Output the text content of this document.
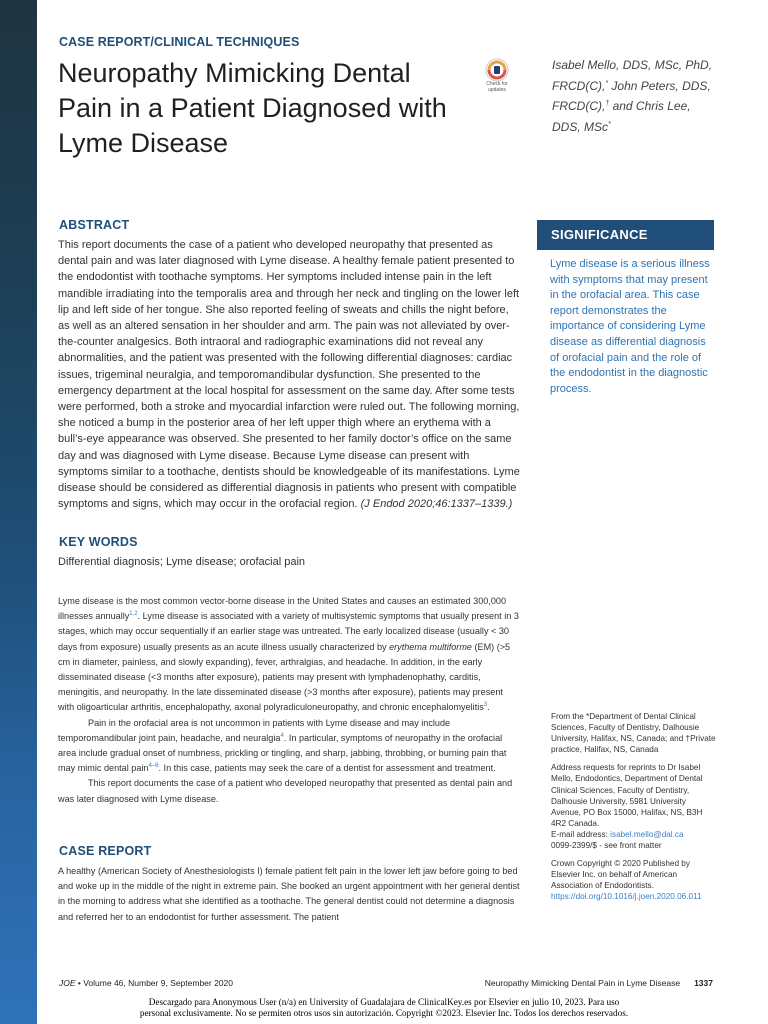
CASE REPORT/CLINICAL TECHNIQUES
Neuropathy Mimicking Dental Pain in a Patient Diagnosed with Lyme Disease
Check for updates
Isabel Mello, DDS, MSc, PhD, FRCD(C),* John Peters, DDS, FRCD(C),† and Chris Lee, DDS, MSc*
ABSTRACT
This report documents the case of a patient who developed neuropathy that presented as dental pain and was later diagnosed with Lyme disease. A healthy female patient presented to the endodontist with toothache symptoms. Her symptoms included intense pain in the left mandible irradiating into the temporalis area and through her neck and tingling on the lower left lip and left side of her tongue. She also reported feeling of sweats and chills the night before, as well as an altered sensation in her shoulder and arm. The pain was not alleviated by over-the-counter analgesics. Both intraoral and radiographic examinations did not reveal any abnormalities, and the patient was presented with the following differential diagnoses: cardiac issues, trigeminal neuralgia, and temporomandibular dysfunction. She presented to the emergency department at the local hospital for assessment on the same day. After some tests were performed, both a stroke and myocardial infarction were ruled out. The following morning, she noticed a bump in the posterior area of her left upper thigh where an erythema with a bull’s-eye appearance was observed. She presented to her family doctor’s office on the same day and was diagnosed with Lyme disease. Because Lyme disease can present with symptoms similar to a toothache, dentists should be knowledgeable of its manifestations. Lyme disease should be considered as differential diagnosis in patients who present with compatible symptoms and signs, which may occur in the orofacial region. (J Endod 2020;46:1337–1339.)
KEY WORDS
Differential diagnosis; Lyme disease; orofacial pain

Lyme disease is the most common vector-borne disease in the United States and causes an estimated 300,000 illnesses annually$^{1,2}$. Lyme disease is associated with a variety of multisystemic symptoms that usually present in 3 stages, which may occur sequentially if an earlier stage was untreated. The early localized disease (usually < 30 days from exposure) usually presents as an acute illness usually characterized by erythema multiforme (EM) (>5 cm in diameter, painless, and slowly expanding), fever, arthralgias, and headache. In addition, in the early disseminated disease (<3 months after exposure), patients may present with lymphadenophathy, carditis, meningitis, and neuropathy. In the late disseminated disease (>3 months after exposure), patients may present with oligoarticular arthritis, encephalopathy, axonal polyradiculoneuropathy, and chronic encephalomyelitis$^3$.

Pain in the orofacial area is not uncommon in patients with Lyme disease and may include temporomandibular joint pain, headache, and neuralgia$^4$. In particular, symptoms of neuropathy in the orofacial area include gradual onset of numbness, prickling or tingling, and sharp, jabbing, throbbing, or burning pain that may mimic dental pain$^{4-6}$. In this case, patients may seek the care of a dentist for assessment and treatment.

This report documents the case of a patient who developed neuropathy that presented as dental pain and was later diagnosed with Lyme disease.

CASE REPORT
A healthy (American Society of Anesthesiologists I) female patient felt pain in the lower left jaw before going to bed and woke up in the middle of the night in extreme pain. She booked an urgent appointment with her general dentist in the morning to address what she identified as a toothache. The general dentist could not determine a diagnosis and referred her to an endodontist for further assessment. The patient
SIGNIFICANCE
Lyme disease is a serious illness with symptoms that may present in the orofacial area. This case report demonstrates the importance of considering Lyme disease as differential diagnosis of orofacial pain and the role of the endodontist in the diagnostic process.

From the *Department of Dental Clinical Sciences, Faculty of Dentistry, Dalhousie University, Halifax, NS, Canada; and †Private practice, Halifax, NS, Canada

Address requests for reprints to Dr Isabel Mello, Endodontics, Department of Dental Clinical Sciences, Faculty of Dentistry, Dalhousie University, 5981 University Avenue, PO Box 15000, Halifax, NS, B3H 4R2 Canada.
E-mail address: isabel.mello@dal.ca
0099-2399/$ - see front matter

Crown Copyright © 2020 Published by Elsevier Inc. on behalf of American Association of Endodontists.
https://doi.org/10.1016/j.joen.2020.06.011

JOE • Volume 46, Number 9, September 2020	Neuropathy Mimicking Dental Pain in Lyme Disease 1337
Descargado para Anonymous User (n/a) en University of Guadalajara de ClinicalKey.es por Elsevier en julio 10, 2023. Para uso
personal exclusivamente. No se permiten otros usos sin autorización. Copyright ©2023. Elsevier Inc. Todos los derechos reservados.
